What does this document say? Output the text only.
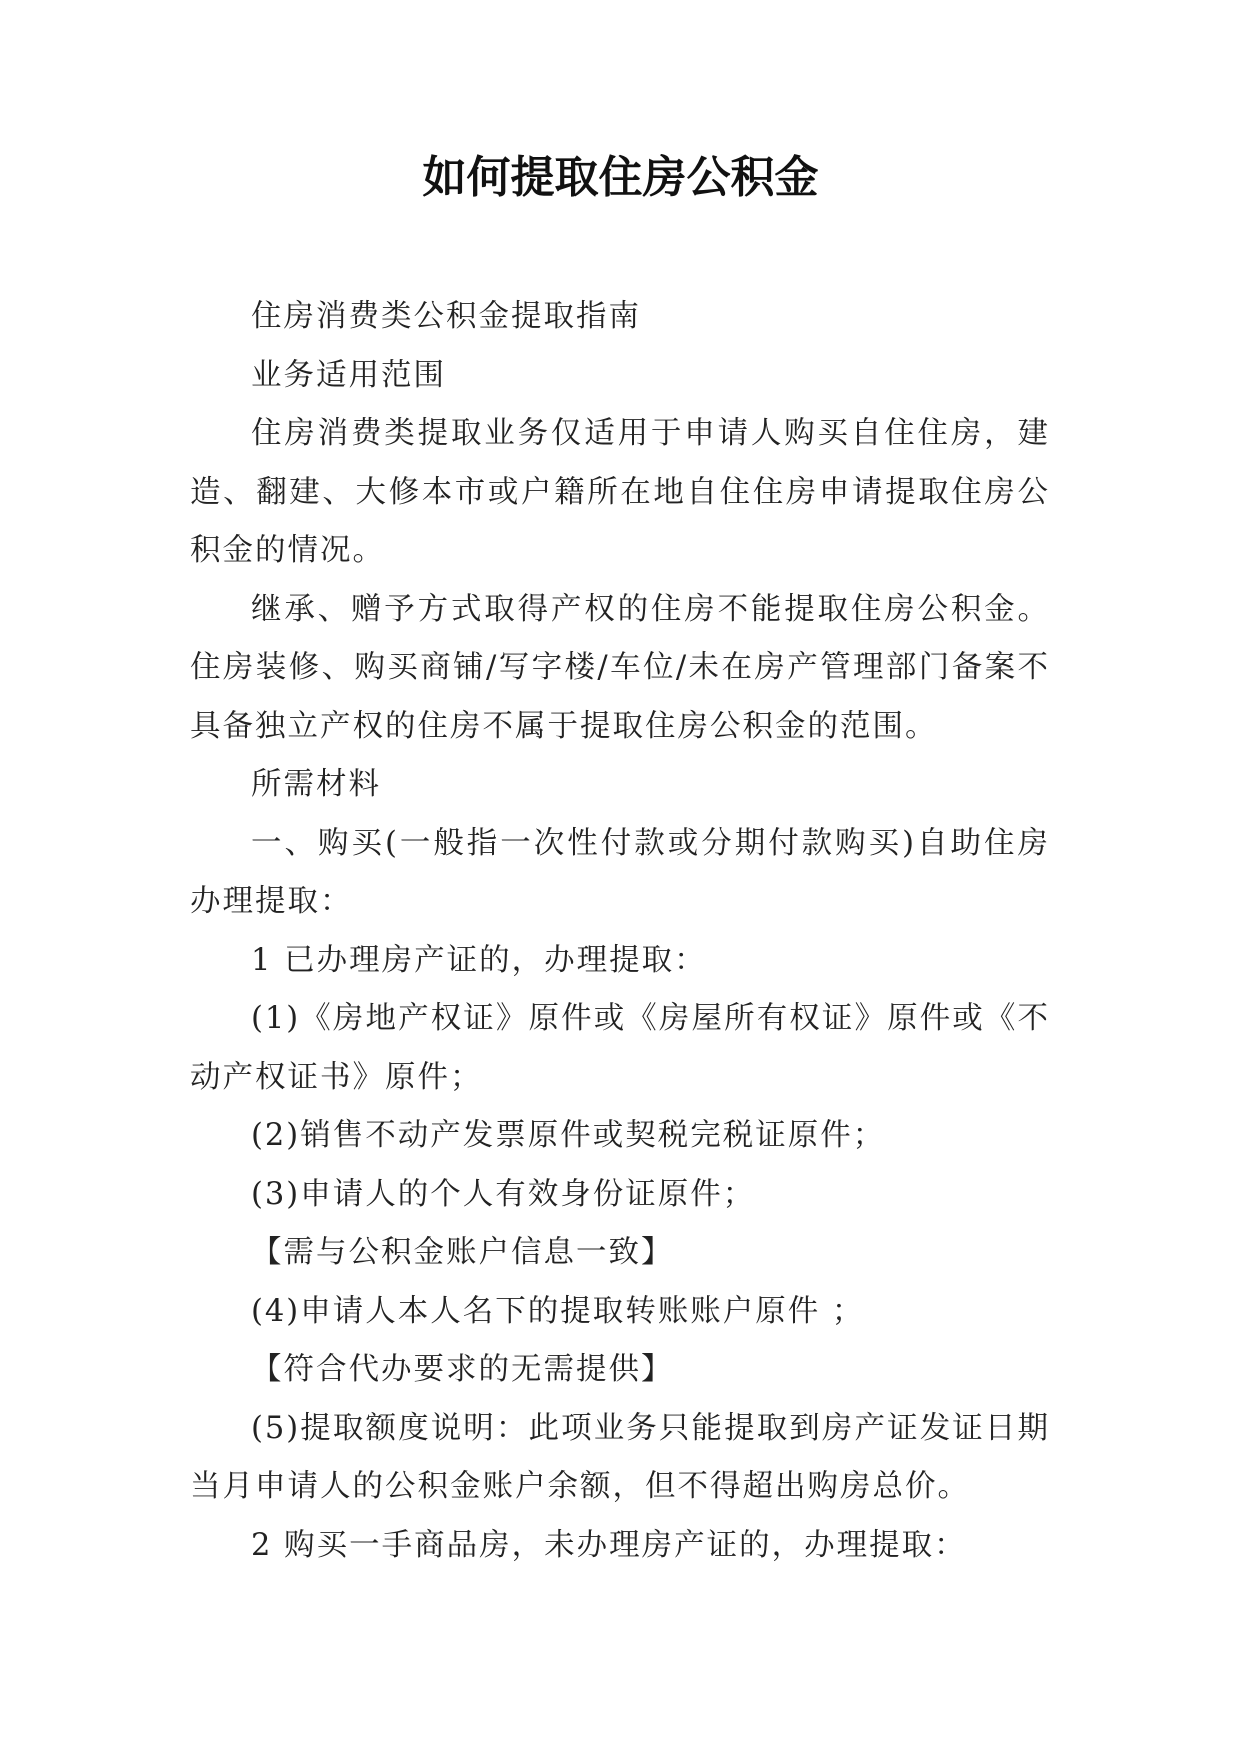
如何提取住房公积金

住房消费类公积金提取指南

业务适用范围

住房消费类提取业务仅适用于申请人购买自住住房，建造、翻建、大修本市或户籍所在地自住住房申请提取住房公积金的情况。

继承、赠予方式取得产权的住房不能提取住房公积金。住房装修、购买商铺/写字楼/车位/未在房产管理部门备案不具备独立产权的住房不属于提取住房公积金的范围。

所需材料

一、购买(一般指一次性付款或分期付款购买)自助住房办理提取：

1 已办理房产证的，办理提取：

(1)《房地产权证》原件或《房屋所有权证》原件或《不动产权证书》原件；

(2)销售不动产发票原件或契税完税证原件；

(3)申请人的个人有效身份证原件；

【需与公积金账户信息一致】

(4)申请人本人名下的提取转账账户原件 ；

【符合代办要求的无需提供】

(5)提取额度说明：此项业务只能提取到房产证发证日期当月申请人的公积金账户余额，但不得超出购房总价。

2 购买一手商品房，未办理房产证的，办理提取：
